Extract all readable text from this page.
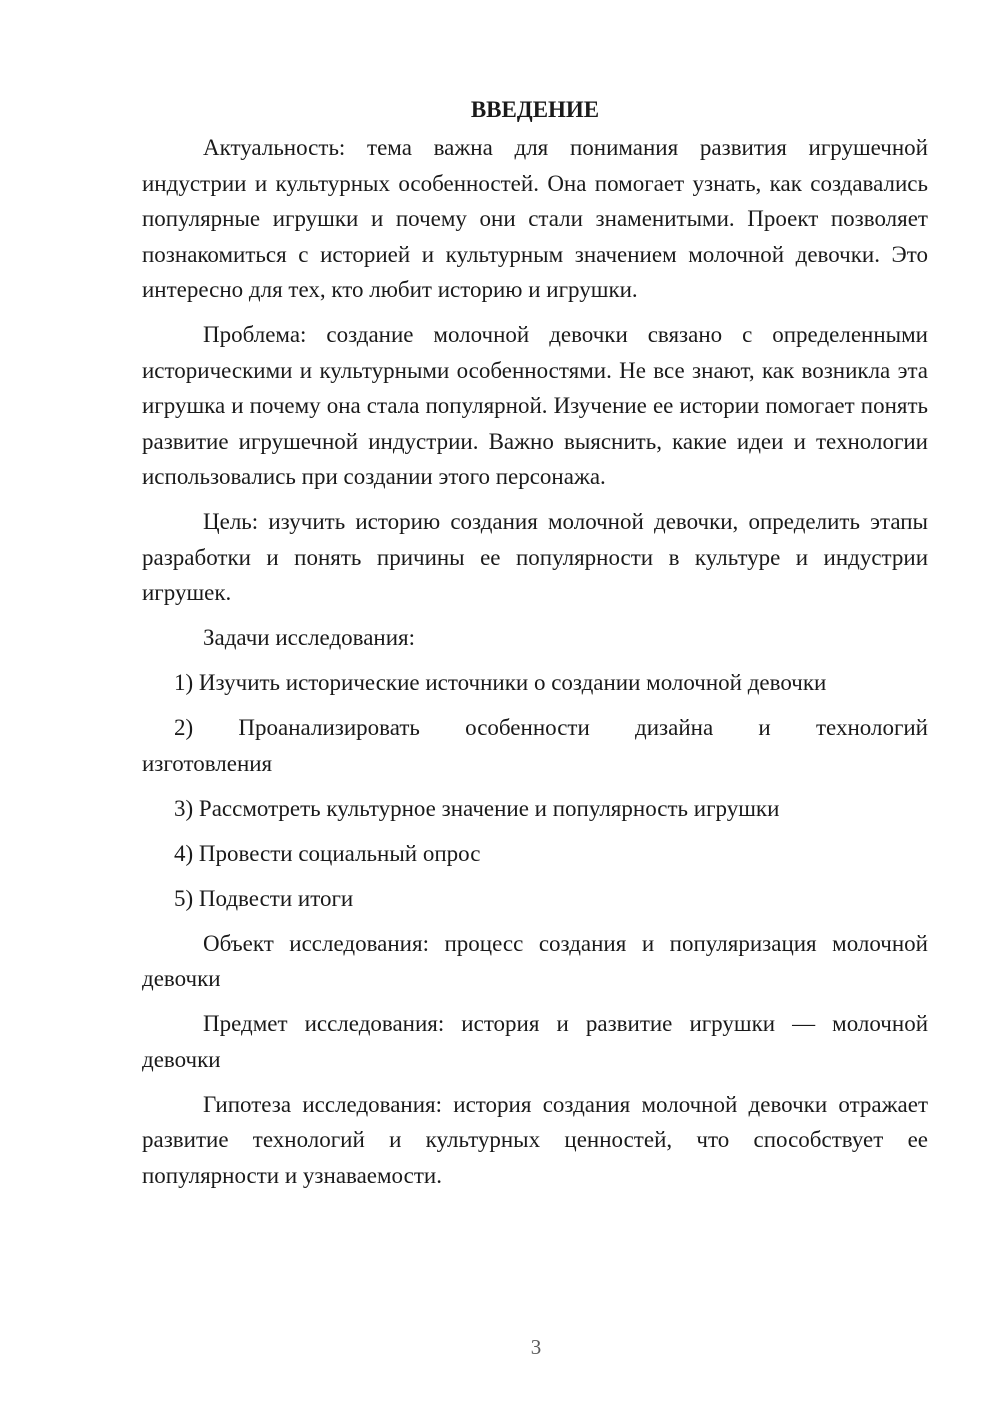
ВВЕДЕНИЕ

Актуальность: тема важна для понимания развития игрушечной индустрии и культурных особенностей. Она помогает узнать, как создавались популярные игрушки и почему они стали знаменитыми. Проект позволяет познакомиться с историей и культурным значением молочной девочки. Это интересно для тех, кто любит историю и игрушки.

Проблема: создание молочной девочки связано с определенными историческими и культурными особенностями. Не все знают, как возникла эта игрушка и почему она стала популярной. Изучение ее истории помогает понять развитие игрушечной индустрии. Важно выяснить, какие идеи и технологии использовались при создании этого персонажа.

Цель: изучить историю создания молочной девочки, определить этапы разработки и понять причины ее популярности в культуре и индустрии игрушек.

Задачи исследования:

1) Изучить исторические источники о создании молочной девочки

2) Проанализировать особенности дизайна и технологий изготовления

3) Рассмотреть культурное значение и популярность игрушки

4) Провести социальный опрос

5) Подвести итоги

Объект исследования: процесс создания и популяризация молочной девочки

Предмет исследования: история и развитие игрушки — молочной девочки

Гипотеза исследования: история создания молочной девочки отражает развитие технологий и культурных ценностей, что способствует ее популярности и узнаваемости.

3
